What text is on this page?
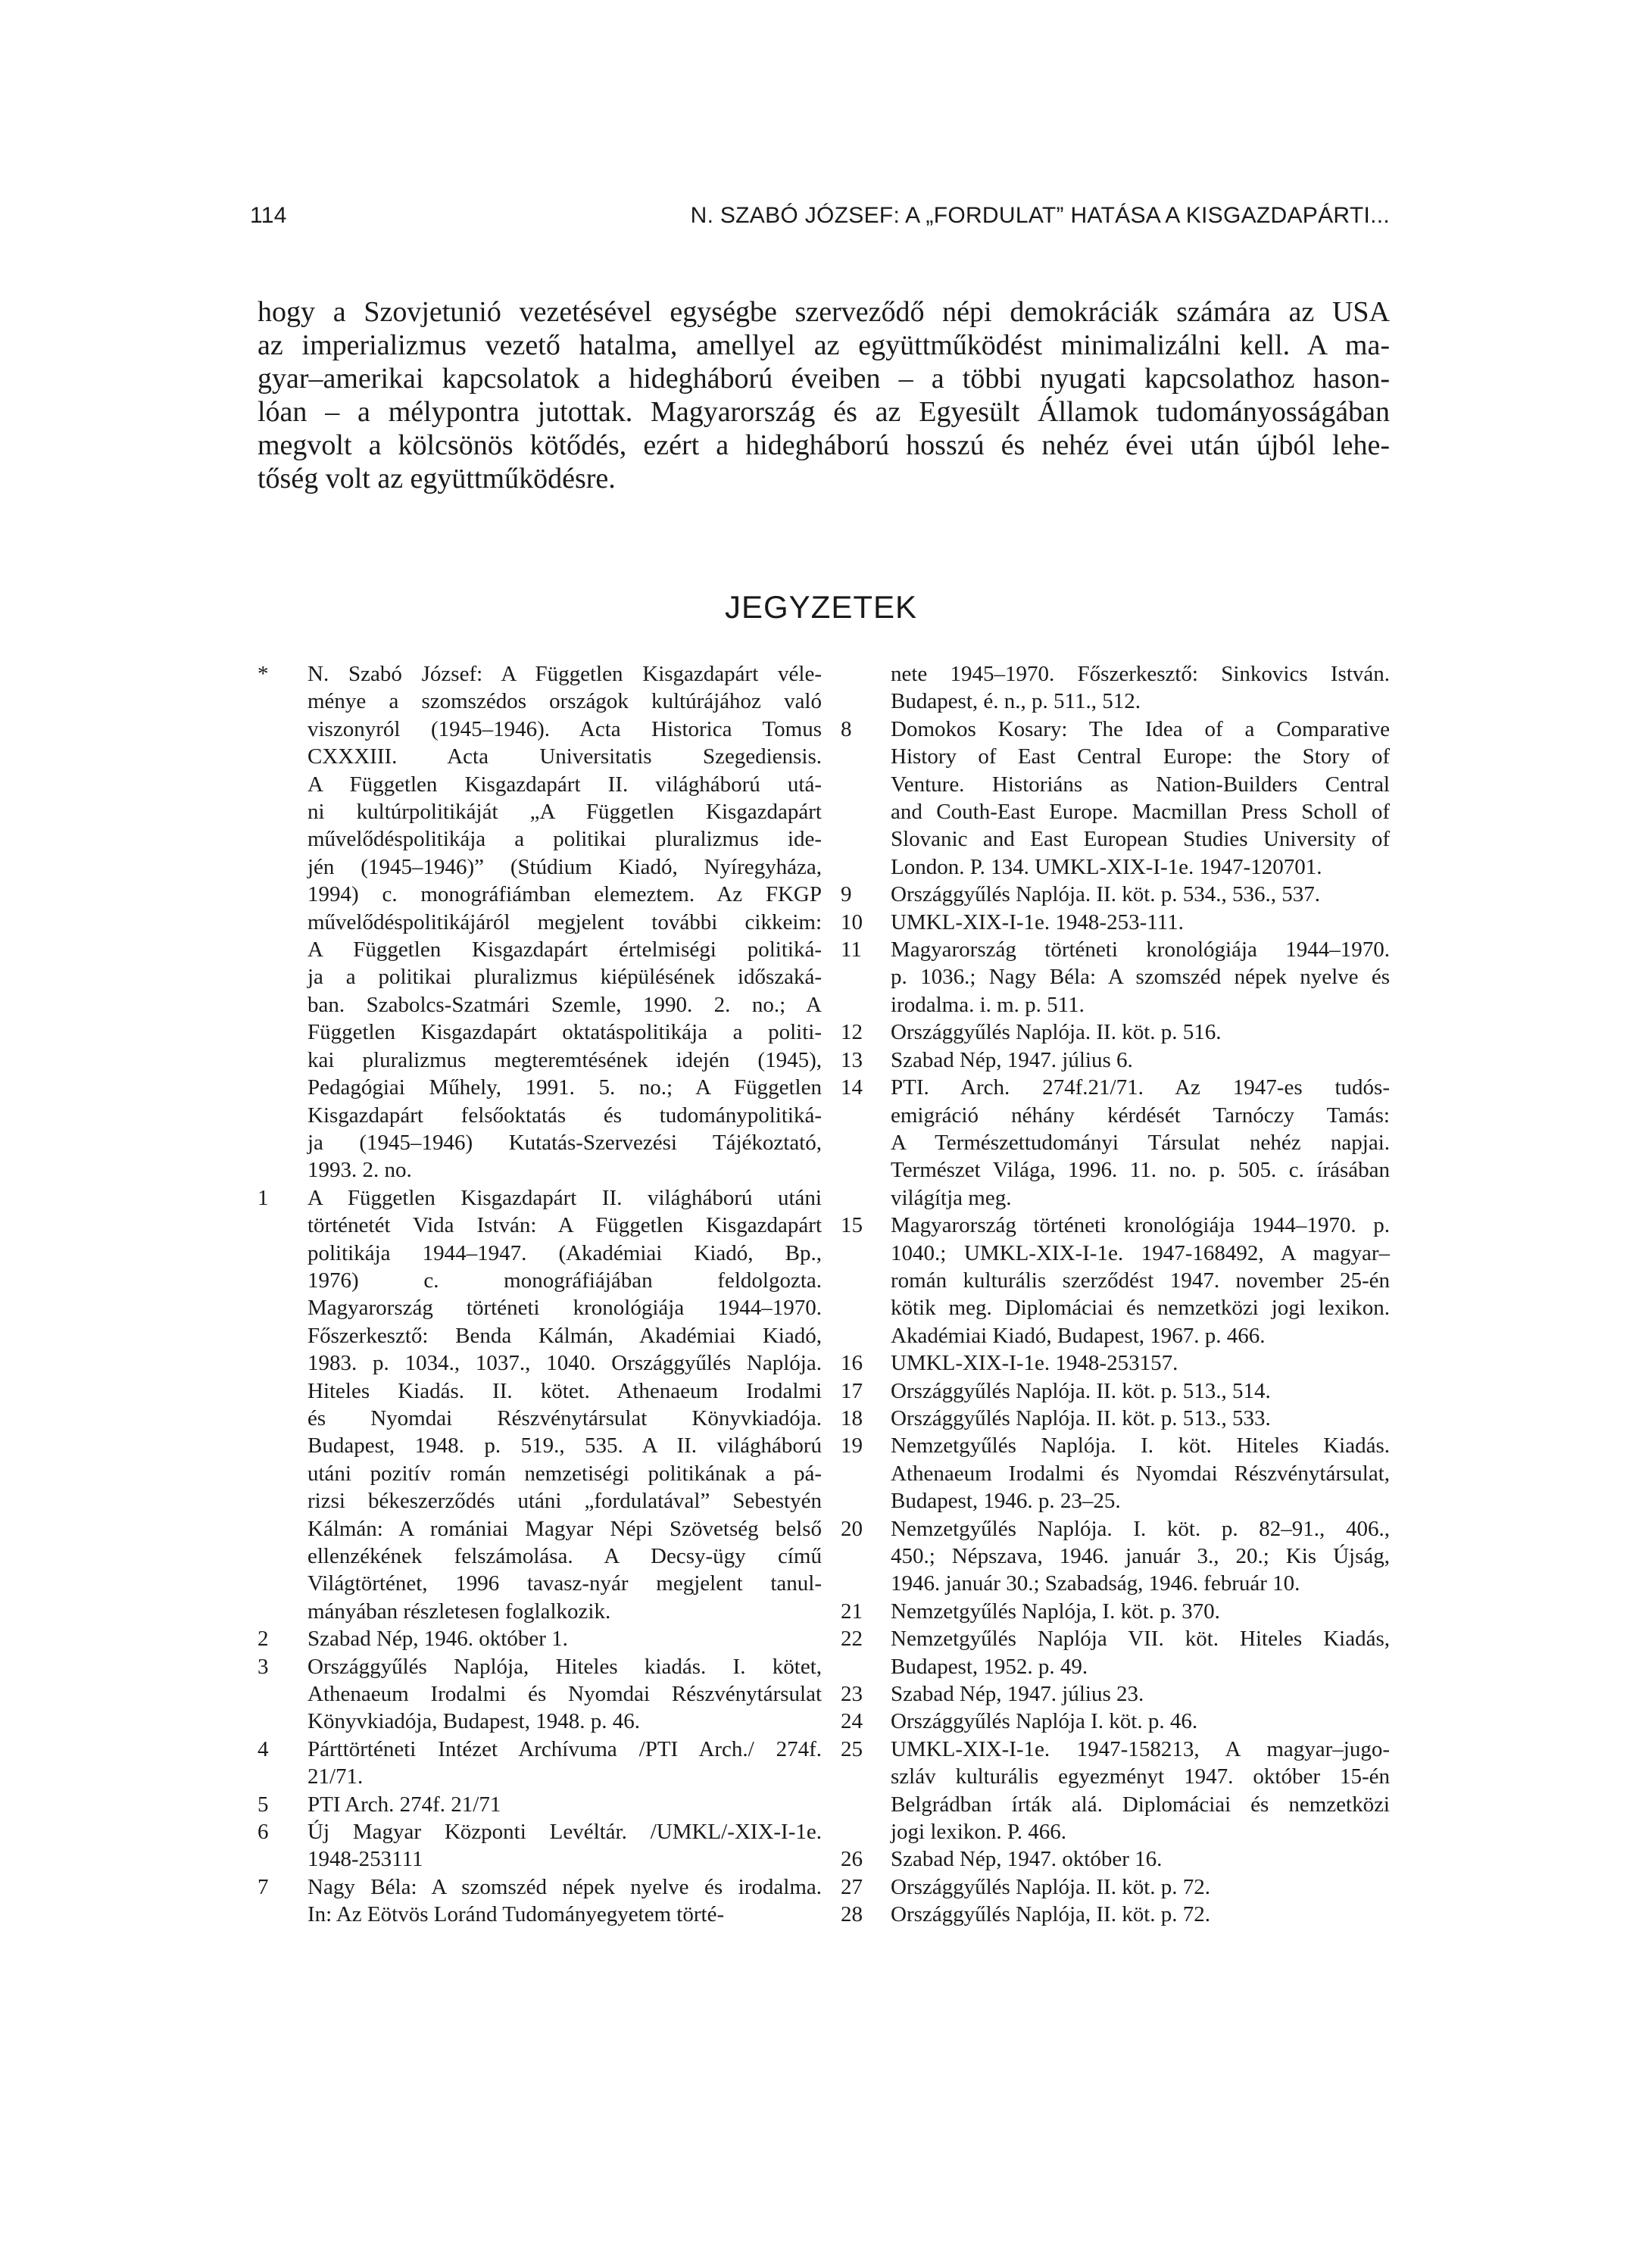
114	N. SZABÓ JÓZSEF: A „FORDULAT” HATÁSA A KISGAZDAPÁRTI...
hogy a Szovjetunió vezetésével egységbe szerveződő népi demokráciák számára az USA
az imperializmus vezető hatalma, amellyel az együttműködést minimalizálni kell. A ma-
gyar–amerikai kapcsolatok a hidegháború éveiben – a többi nyugati kapcsolathoz hason-
lóan – a mélypontra jutottak. Magyarország és az Egyesült Államok tudományosságában
megvolt a kölcsönös kötődés, ezért a hidegháború hosszú és nehéz évei után újból lehe-
tőség volt az együttműködésre.
JEGYZETEK
* N. Szabó József: A Független Kisgazdapárt véle-
ménye a szomszédos országok kultúrájához való
viszonyról (1945–1946). Acta Historica Tomus
CXXXIII. Acta Universitatis Szegediensis.
A Független Kisgazdapárt II. világháború utá-
ni kultúrpolitikáját „A Független Kisgazdapárt
művelődéspolitikája a politikai pluralizmus ide-
jén (1945–1946)” (Stúdium Kiadó, Nyíregyháza,
1994) c. monográfiámban elemeztem. Az FKGP
művelődéspolitikájáról megjelent további cikkeim:
A Független Kisgazdapárt értelmiségi politiká-
ja a politikai pluralizmus kiépülésének időszaká-
ban. Szabolcs-Szatmári Szemle, 1990. 2. no.; A
Független Kisgazdapárt oktatáspolitikája a politi-
kai pluralizmus megteremtésének idején (1945),
Pedagógiai Műhely, 1991. 5. no.; A Független
Kisgazdapárt felsőoktatás és tudománypolitiká-
ja (1945–1946) Kutatás-Szervezési Tájékoztató,
1993. 2. no.
1 A Független Kisgazdapárt II. világháború utáni
történetét Vida István: A Független Kisgazdapárt
politikája 1944–1947. (Akadémiai Kiadó, Bp.,
1976) c. monográfiájában feldolgozta.
Magyarország történeti kronológiája 1944–1970.
Főszerkesztő: Benda Kálmán, Akadémiai Kiadó,
1983. p. 1034., 1037., 1040. Országgyűlés Naplója.
Hiteles Kiadás. II. kötet. Athenaeum Irodalmi
és Nyomdai Részvénytársulat Könyvkiadója.
Budapest, 1948. p. 519., 535. A II. világháború
utáni pozitív román nemzetiségi politikának a pá-
rizsi békeszerződés utáni „fordulatával” Sebestyén
Kálmán: A romániai Magyar Népi Szövetség belső
ellenzékének felszámolása. A Decsy-ügy című
Világtörténet, 1996 tavasz-nyár megjelent tanul-
mányában részletesen foglalkozik.
2 Szabad Nép, 1946. október 1.
3 Országgyűlés Naplója, Hiteles kiadás. I. kötet,
Athenaeum Irodalmi és Nyomdai Részvénytársulat
Könyvkiadója, Budapest, 1948. p. 46.
4 Párttörténeti Intézet Archívuma /PTI Arch./ 274f.
21/71.
5 PTI Arch. 274f. 21/71
6 Új Magyar Központi Levéltár. /UMKL/-XIX-I-1e.
1948-253111
7 Nagy Béla: A szomszéd népek nyelve és irodalma.
In: Az Eötvös Loránd Tudományegyetem törté-
nete 1945–1970. Főszerkesztő: Sinkovics István.
Budapest, é. n., p. 511., 512.
8 Domokos Kosary: The Idea of a Comparative
History of East Central Europe: the Story of
Venture. Historiáns as Nation-Builders Central
and Couth-East Europe. Macmillan Press Scholl of
Slovanic and East European Studies University of
London. P. 134. UMKL-XIX-I-1e. 1947-120701.
9 Országgyűlés Naplója. II. köt. p. 534., 536., 537.
10 UMKL-XIX-I-1e. 1948-253-111.
11 Magyarország történeti kronológiája 1944–1970.
p. 1036.; Nagy Béla: A szomszéd népek nyelve és
irodalma. i. m. p. 511.
12 Országgyűlés Naplója. II. köt. p. 516.
13 Szabad Nép, 1947. július 6.
14 PTI. Arch. 274f.21/71. Az 1947-es tudós-
emigráció néhány kérdését Tarnóczy Tamás:
A Természettudományi Társulat nehéz napjai.
Természet Világa, 1996. 11. no. p. 505. c. írásában
világítja meg.
15 Magyarország történeti kronológiája 1944–1970. p.
1040.; UMKL-XIX-I-1e. 1947-168492, A magyar–
román kulturális szerződést 1947. november 25-én
kötik meg. Diplomáciai és nemzetközi jogi lexikon.
Akadémiai Kiadó, Budapest, 1967. p. 466.
16 UMKL-XIX-I-1e. 1948-253157.
17 Országgyűlés Naplója. II. köt. p. 513., 514.
18 Országgyűlés Naplója. II. köt. p. 513., 533.
19 Nemzetgyűlés Naplója. I. köt. Hiteles Kiadás.
Athenaeum Irodalmi és Nyomdai Részvénytársulat,
Budapest, 1946. p. 23–25.
20 Nemzetgyűlés Naplója. I. köt. p. 82–91., 406.,
450.; Népszava, 1946. január 3., 20.; Kis Újság,
1946. január 30.; Szabadság, 1946. február 10.
21 Nemzetgyűlés Naplója, I. köt. p. 370.
22 Nemzetgyűlés Naplója VII. köt. Hiteles Kiadás,
Budapest, 1952. p. 49.
23 Szabad Nép, 1947. július 23.
24 Országgyűlés Naplója I. köt. p. 46.
25 UMKL-XIX-I-1e. 1947-158213, A magyar–jugo-
szláv kulturális egyezményt 1947. október 15-én
Belgrádban írták alá. Diplomáciai és nemzetközi
jogi lexikon. P. 466.
26 Szabad Nép, 1947. október 16.
27 Országgyűlés Naplója. II. köt. p. 72.
28 Országgyűlés Naplója, II. köt. p. 72.
